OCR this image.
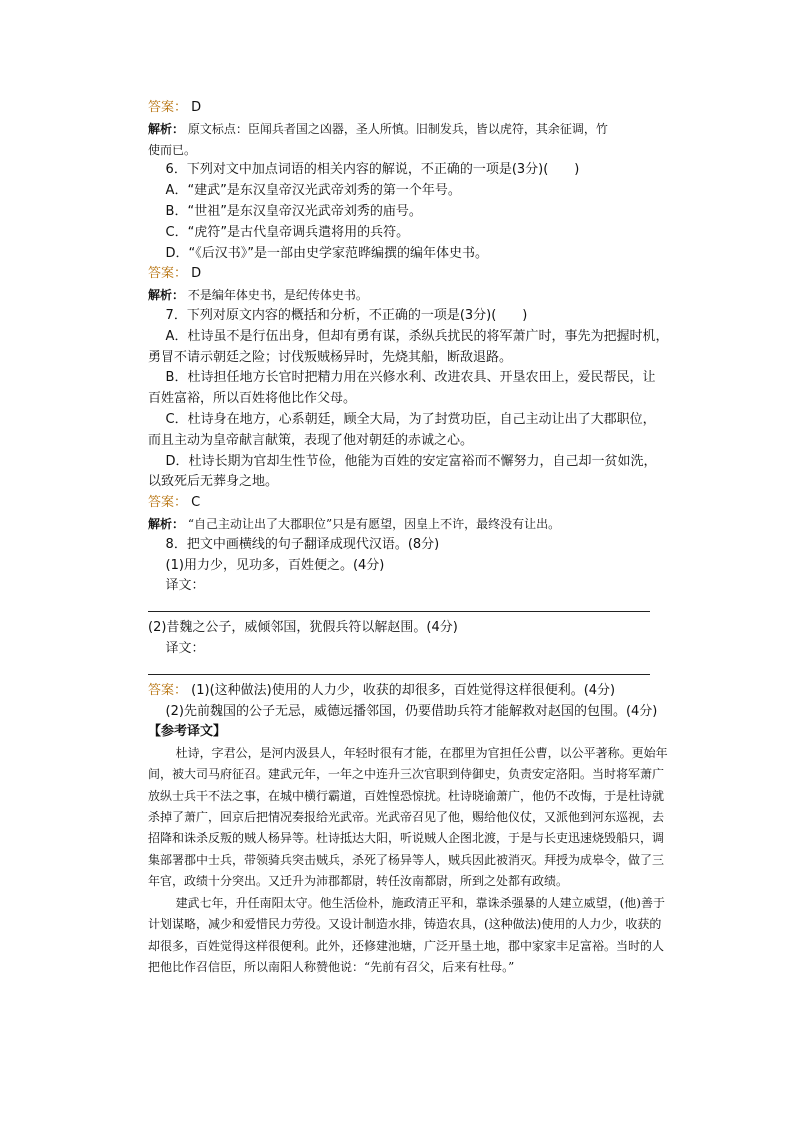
答案： D
解析： 原文标点：臣闻兵者国之凶器，圣人所慎。旧制发兵，皆以虎符，其余征调，竹
使而已。
6．下列对文中加点词语的相关内容的解说，不正确的一项是(3分)(　　)
A．“建武”是东汉皇帝汉光武帝刘秀的第一个年号。
B．“世祖”是东汉皇帝汉光武帝刘秀的庙号。
C．“虎符”是古代皇帝调兵遣将用的兵符。
D．“《后汉书》”是一部由史学家范晔编撰的编年体史书。
答案： D
解析： 不是编年体史书，是纪传体史书。
7．下列对原文内容的概括和分析，不正确的一项是(3分)(　　)
A．杜诗虽不是行伍出身，但却有勇有谋，杀纵兵扰民的将军萧广时，事先为把握时机，
勇冒不请示朝廷之险；讨伐叛贼杨异时，先烧其船，断敌退路。
B．杜诗担任地方长官时把精力用在兴修水利、改进农具、开垦农田上，爱民帮民，让
百姓富裕，所以百姓将他比作父母。
C．杜诗身在地方，心系朝廷，顾全大局，为了封赏功臣，自己主动让出了大郡职位，
而且主动为皇帝献言献策，表现了他对朝廷的赤诚之心。
D．杜诗长期为官却生性节俭，他能为百姓的安定富裕而不懈努力，自己却一贫如洗，
以致死后无葬身之地。
答案： C
解析： “自己主动让出了大郡职位”只是有愿望，因皇上不许，最终没有让出。
8．把文中画横线的句子翻译成现代汉语。(8分)
(1)用力少，见功多，百姓便之。(4分)
译文：
(2)昔魏之公子，威倾邻国，犹假兵符以解赵围。(4分)
译文：
答案： (1)(这种做法)使用的人力少，收获的却很多，百姓觉得这样很便利。(4分)
(2)先前魏国的公子无忌，威德远播邻国，仍要借助兵符才能解救对赵国的包围。(4分)
【参考译文】
杜诗，字君公，是河内汲县人，年轻时很有才能，在郡里为官担任公曹，以公平著称。更始年间，被大司马府征召。建武元年，一年之中连升三次官职到侍御史，负责安定洛阳。当时将军萧广放纵士兵干不法之事，在城中横行霸道，百姓惶恐惊扰。杜诗晓谕萧广，他仍不改悔，于是杜诗就杀掉了萧广，回京后把情况奏报给光武帝。光武帝召见了他，赐给他仪仗，又派他到河东巡视，去招降和诛杀反叛的贼人杨异等。杜诗抵达大阳，听说贼人企图北渡，于是与长吏迅速烧毁船只，调集部署郡中士兵，带领骑兵突击贼兵，杀死了杨异等人，贼兵因此被消灭。拜授为成皋令，做了三年官，政绩十分突出。又迁升为沛郡都尉，转任汝南都尉，所到之处都有政绩。
建武七年，升任南阳太守。他生活俭朴，施政清正平和，靠诛杀强暴的人建立威望，(他)善于计划谋略，减少和爱惜民力劳役。又设计制造水排，铸造农具，(这种做法)使用的人力少，收获的却很多，百姓觉得这样很便利。此外，还修建池塘，广泛开垦土地，郡中家家丰足富裕。当时的人把他比作召信臣，所以南阳人称赞他说：“先前有召父，后来有杜母。”
